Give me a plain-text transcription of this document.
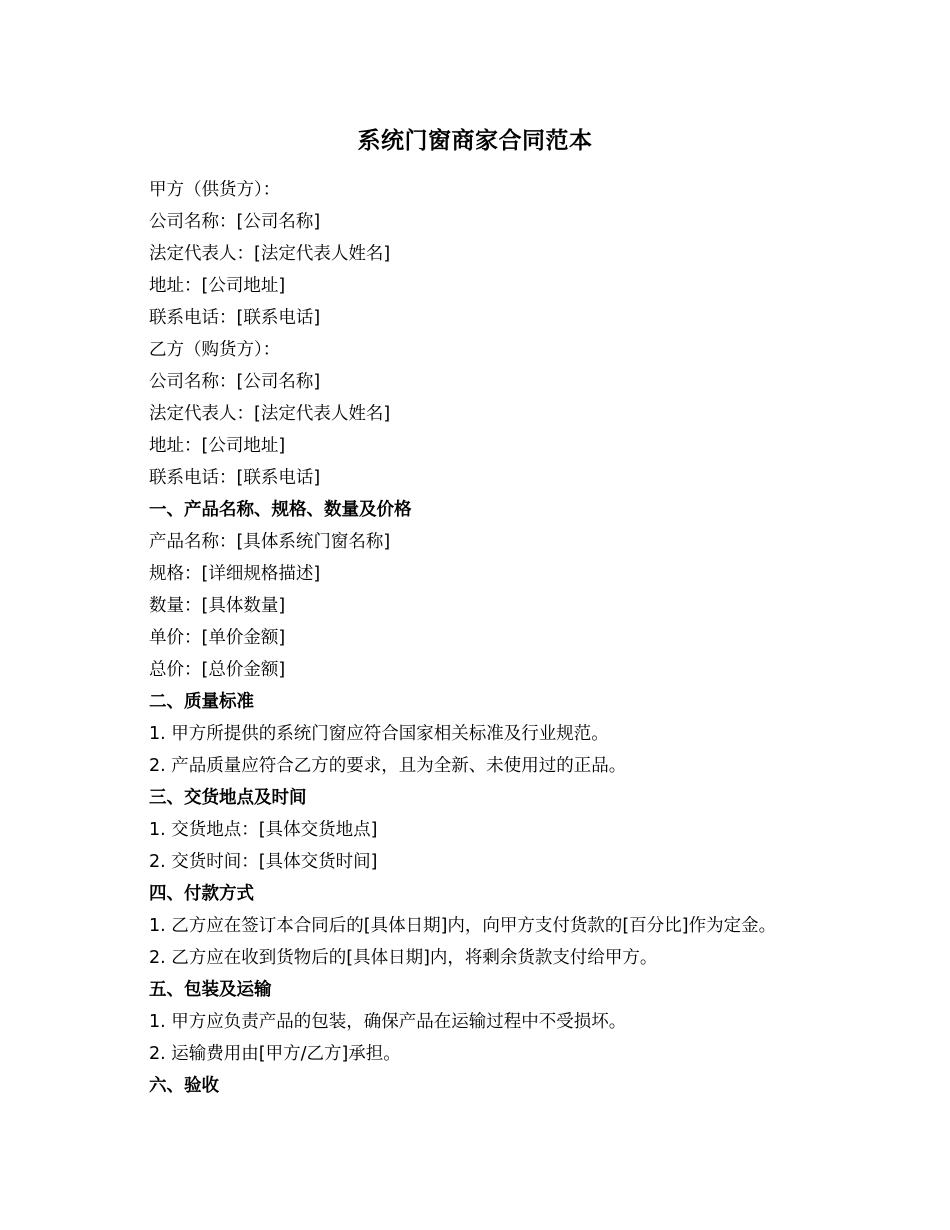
系统门窗商家合同范本
甲方（供货方）：
公司名称：[公司名称]
法定代表人：[法定代表人姓名]
地址：[公司地址]
联系电话：[联系电话]
乙方（购货方）：
公司名称：[公司名称]
法定代表人：[法定代表人姓名]
地址：[公司地址]
联系电话：[联系电话]
一、产品名称、规格、数量及价格
产品名称：[具体系统门窗名称]
规格：[详细规格描述]
数量：[具体数量]
单价：[单价金额]
总价：[总价金额]
二、质量标准
1. 甲方所提供的系统门窗应符合国家相关标准及行业规范。
2. 产品质量应符合乙方的要求，且为全新、未使用过的正品。
三、交货地点及时间
1. 交货地点：[具体交货地点]
2. 交货时间：[具体交货时间]
四、付款方式
1. 乙方应在签订本合同后的[具体日期]内，向甲方支付货款的[百分比]作为定金。
2. 乙方应在收到货物后的[具体日期]内，将剩余货款支付给甲方。
五、包装及运输
1. 甲方应负责产品的包装，确保产品在运输过程中不受损坏。
2. 运输费用由[甲方/乙方]承担。
六、验收
